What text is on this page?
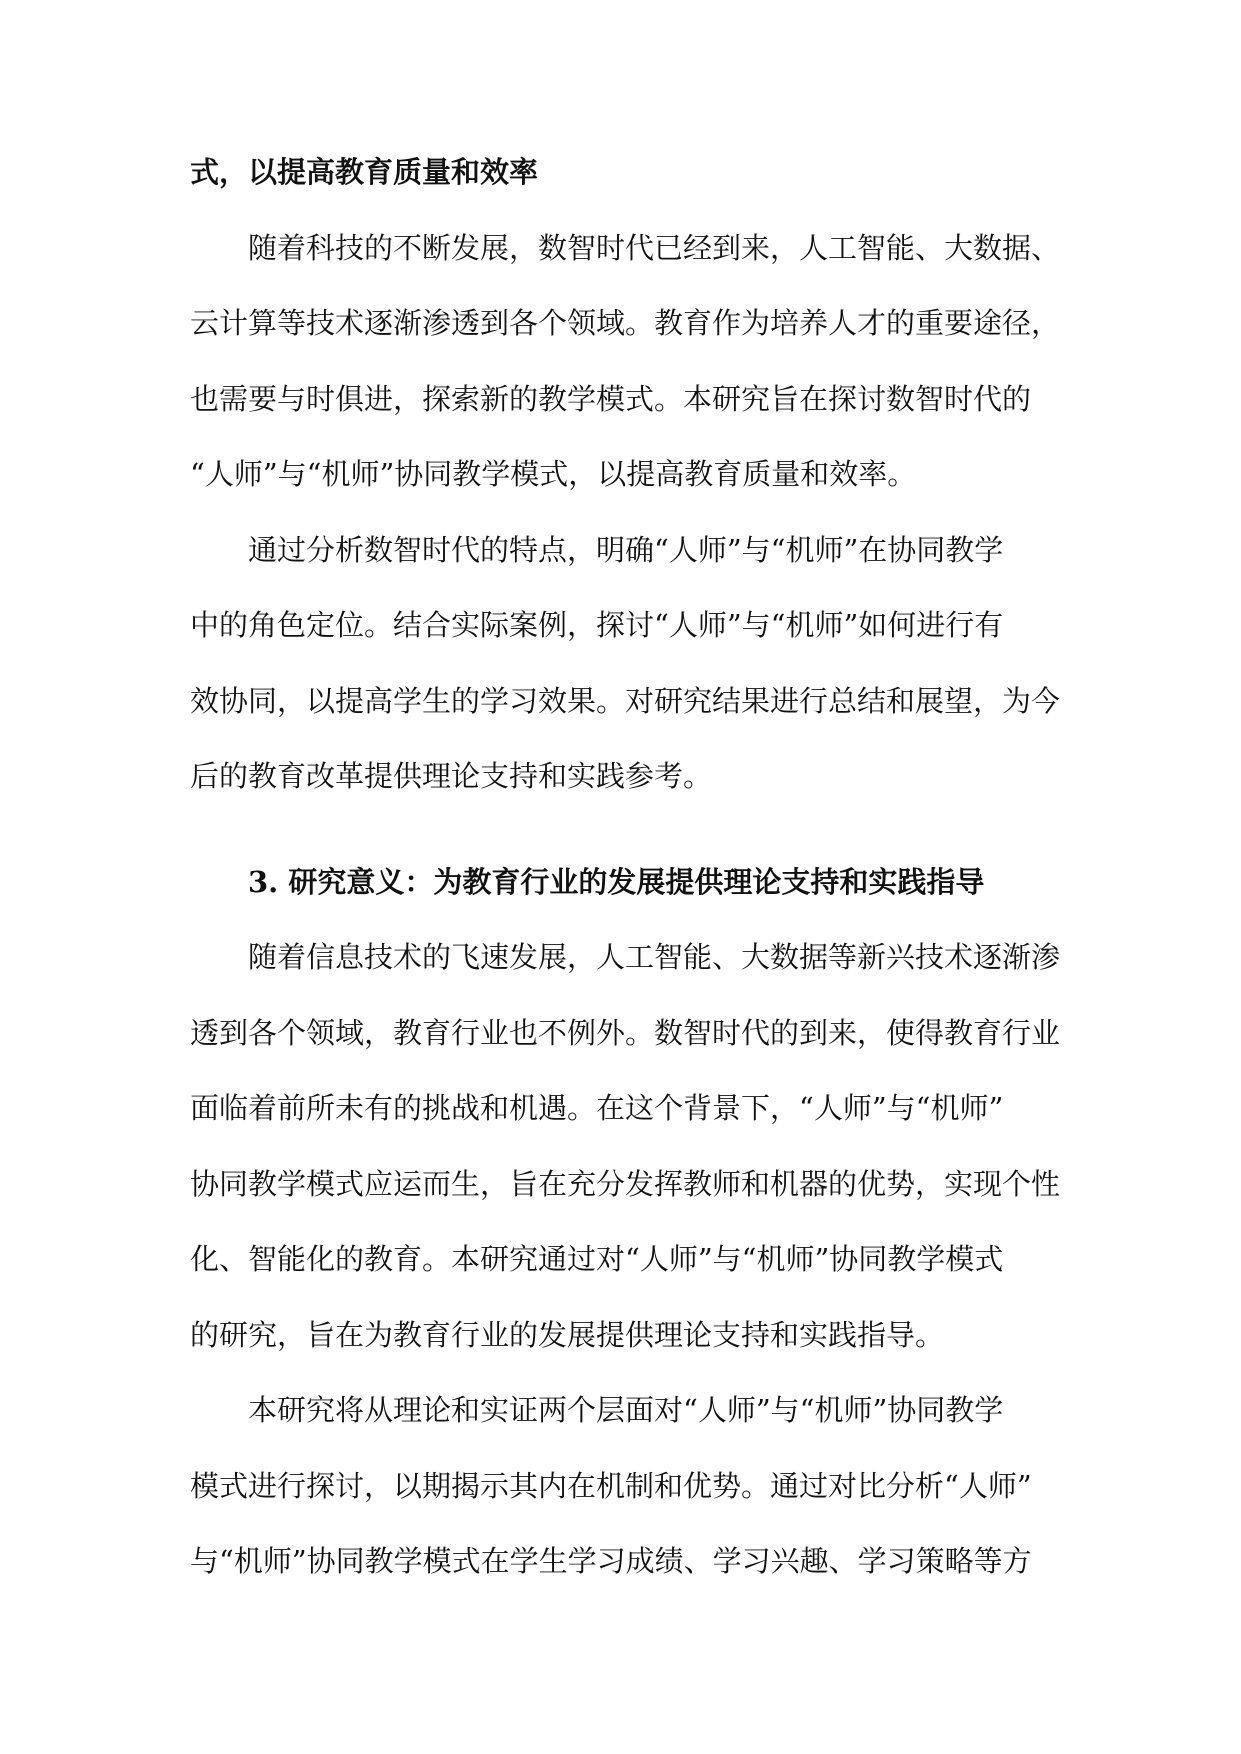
式，以提高教育质量和效率
随着科技的不断发展，数智时代已经到来，人工智能、大数据、
云计算等技术逐渐渗透到各个领域。教育作为培养人才的重要途径，
也需要与时俱进，探索新的教学模式。本研究旨在探讨数智时代的
“人师”与“机师”协同教学模式，以提高教育质量和效率。
通过分析数智时代的特点，明确“人师”与“机师”在协同教学
中的角色定位。结合实际案例，探讨“人师”与“机师”如何进行有
效协同，以提高学生的学习效果。对研究结果进行总结和展望，为今
后的教育改革提供理论支持和实践参考。
3. 研究意义：为教育行业的发展提供理论支持和实践指导
随着信息技术的飞速发展，人工智能、大数据等新兴技术逐渐渗
透到各个领域，教育行业也不例外。数智时代的到来，使得教育行业
面临着前所未有的挑战和机遇。在这个背景下，“人师”与“机师”
协同教学模式应运而生，旨在充分发挥教师和机器的优势，实现个性
化、智能化的教育。本研究通过对“人师”与“机师”协同教学模式
的研究，旨在为教育行业的发展提供理论支持和实践指导。
本研究将从理论和实证两个层面对“人师”与“机师”协同教学
模式进行探讨，以期揭示其内在机制和优势。通过对比分析“人师”
与“机师”协同教学模式在学生学习成绩、学习兴趣、学习策略等方
